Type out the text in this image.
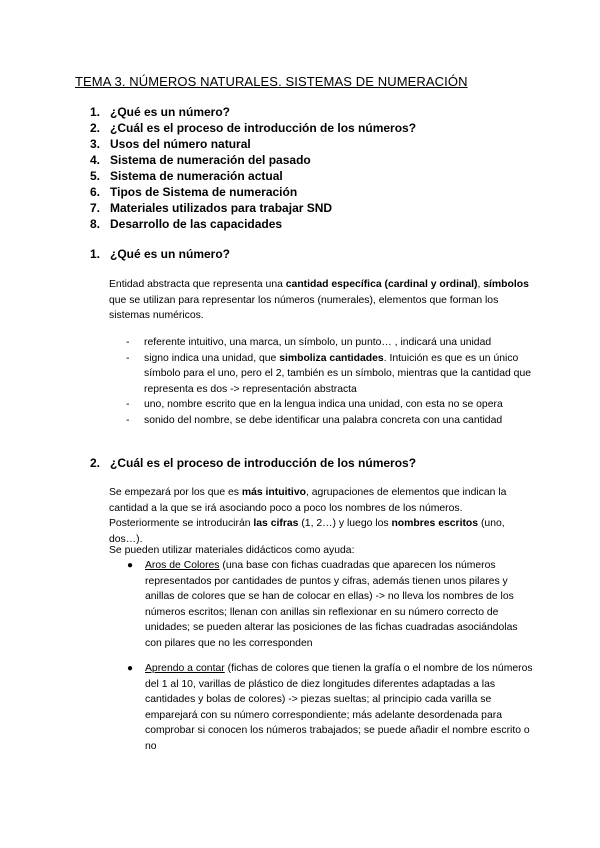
TEMA 3. NÚMEROS NATURALES. SISTEMAS DE NUMERACIÓN
1. ¿Qué es un número?
2. ¿Cuál es el proceso de introducción de los números?
3. Usos del número natural
4. Sistema de numeración del pasado
5. Sistema de numeración actual
6. Tipos de Sistema de numeración
7. Materiales utilizados para trabajar SND
8. Desarrollo de las capacidades
1. ¿Qué es un número?

Entidad abstracta que representa una cantidad específica (cardinal y ordinal), símbolos que se utilizan para representar los números (numerales), elementos que forman los sistemas numéricos.

- referente intuitivo, una marca, un símbolo, un punto… , indicará una unidad
- signo indica una unidad, que simboliza cantidades. Intuición es que es un único símbolo para el uno, pero el 2, también es un símbolo, mientras que la cantidad que representa es dos -> representación abstracta
- uno, nombre escrito que en la lengua indica una unidad, con esta no se opera
- sonido del nombre, se debe identificar una palabra concreta con una cantidad
2. ¿Cuál es el proceso de introducción de los números?

Se empezará por los que es más intuitivo, agrupaciones de elementos que indican la cantidad a la que se irá asociando poco a poco los nombres de los números. Posteriormente se introducirán las cifras (1, 2…) y luego los nombres escritos (uno, dos…).

Se pueden utilizar materiales didácticos como ayuda:

● Aros de Colores (una base con fichas cuadradas que aparecen los números representados por cantidades de puntos y cifras, además tienen unos pilares y anillas de colores que se han de colocar en ellas) -> no lleva los nombres de los números escritos; llenan con anillas sin reflexionar en su número correcto de unidades; se pueden alterar las posiciones de las fichas cuadradas asociándolas con pilares que no les corresponden
● Aprendo a contar (fichas de colores que tienen la grafía o el nombre de los números del 1 al 10, varillas de plástico de diez longitudes diferentes adaptadas a las cantidades y bolas de colores) -> piezas sueltas; al principio cada varilla se emparejará con su número correspondiente; más adelante desordenada para comprobar si conocen los números trabajados; se puede añadir el nombre escrito o no
